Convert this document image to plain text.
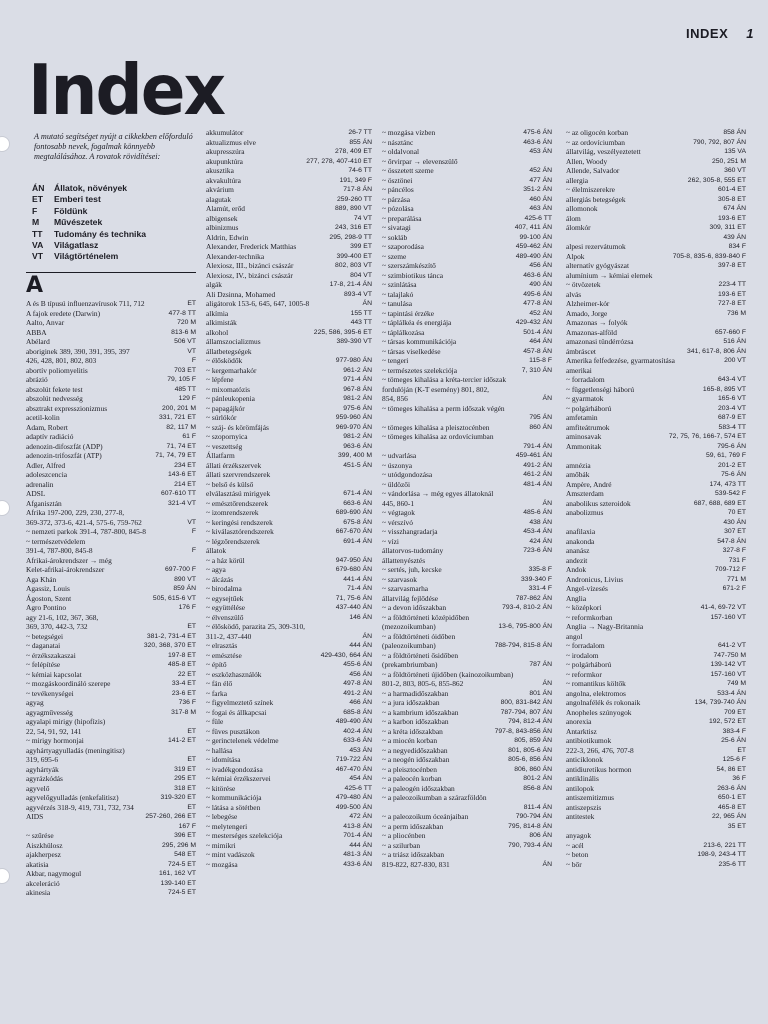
INDEX 1
Index
A mutató segítséget nyújt a cikkekben előforduló fontosabb nevek, fogalmak könnyebb megtalálásához. A rovatok rövidítései:
ÁN	Állatok, növények
ET	Emberi test
F	Földünk
M	Művészetek
TT	Tudomány és technika
VA	Világatlasz
VT	Világtörténelem
A
A és B típusú influenzavírusok 711, 712	ET
A fajok eredete (Darwin)	477-8 TT
Aalto, Anvar	720 M
ABBA	813-6 M
Abélard	506 VT
aboriginek 389, 390, 391, 395, 397	VT
426, 428, 801, 802, 803	F
abortív poliomyelitis	703 ET
abrázió	79, 105 F
abszolút fekete test	485 TT
abszolút nedvesség	129 F
absztrakt expresszionizmus	200, 201 M
acetil-kolin	331, 721 ET
Adam, Robert	82, 117 M
adaptív radiáció	61 F
adenozin-difoszfát (ADP)	71, 74 ET
adenozin-trifoszfát (ATP)	71, 74, 79 ET
Adler, Alfred	234 ET
adoleszcencia	143-6 ET
adrenalin	214 ET
ADSL	607-610 TT
Afganisztán	321-4 VT
Afrika 197-200, 229, 230, 277-8,
369-372, 373-6, 421-4, 575-6, 759-762	VT
~ nemzeti parkok 391-4, 787-800, 845-8	F
~ természetvédelem
391-4, 787-800, 845-8	F
Afrikai-árokrendszer → még
Kelet-afrikai-árokrendszer	697-700 F
Aga Khán	890 VT
Agassiz, Louis	859 ÁN
Ágoston, Szent	505, 615-6 VT
Agro Pontino	176 F
agy 21-6, 102, 367, 368,
369, 370, 442-3, 732	ET
~ betegségei	381-2, 731-4 ET
~ daganatai	320, 368, 370 ET
~ érzékszakaszai	197-8 ET
~ felépítése	485-8 ET
~ kémiai kapcsolat	22 ET
~ mozgáskoordináló szerepe	33-4 ET
~ tevékenységei	23-6 ET
agyag	736 F
agyagművesség	317-8 M
agyalapi mirigy (hipofízis)
22, 54, 91, 92, 141	ET
~ mirigy hormonjai	141-2 ET
agyhártyagyulladás (meningitisz)
319, 695-6	ET
agyhártyák	319 ET
agyrázkódás	295 ET
agyvelő	318 ET
agyvelőgyulladás (enkefalitisz)	319-320 ET
agyvérzés 318-9, 419, 731, 732, 734	ET
AIDS	257-260, 266 ET

167 F
~ szűrése	396 ET
Aiszkhülosz	295, 296 M
ajakherpesz	548 ET
akatisia	724-5 ET
Akbar, nagymogul	161, 162 VT
akceleráció	139-140 ET
akinesia	724-5 ET
akkumulátor	26-7 TT
aktualizmus elve	855 ÁN
akupresszúra	278, 409 ET
akupunktúra	277, 278, 407-410 ET
akusztika	74-6 TT
akvakultúra	191, 349 F
akvárium	717-8 ÁN
alagutak	259-260 TT
Alamút, erőd	889, 890 VT
albigensek	74 VT
albinizmus	243, 316 ET
Aldrin, Edwin	295, 298-9 TT
Alexander, Frederick Matthias	399 ET
Alexander-technika	399-400 ET
Alexiosz, III., bizánci császár	802, 803 VT
Alexiosz, IV., bizánci császár	804 VT
algák	17-8, 21-4 ÁN
Ali Dzsinna, Mohamed	893-4 VT
aligátorok 153-6, 645, 647, 1005-8	ÁN
alkímia	155 TT
alkimisták	443 TT
alkohol	225, 586, 395-6 ET
államszocializmus	389-390 VT
állatbetegségek
~ élősködők	977-980 ÁN
~ kergemarhakór	961-2 ÁN
~ lépfene	971-4 ÁN
~ mixomatózis	967-8 ÁN
~ pánleukopenia	981-2 ÁN
~ papagájkór	975-6 ÁN
~ súrlókór	959-960 ÁN
~ száj- és körömfájás	969-970 ÁN
~ szopornyica	981-2 ÁN
~ veszettség	963-6 ÁN
Állatfarm	399, 400 M
állati érzékszervek	451-5 ÁN
állati szervrendszerek
~ belső és külső
elválasztású mirigyek	671-4 ÁN
~ emésztőrendszerek	663-6 ÁN
~ izomrendszerek	689-690 ÁN
~ keringési rendszerek	675-8 ÁN
~ kiválasztórendszerek	667-670 ÁN
~ légzőrendszerek	691-4 ÁN
állatok
~ a ház körül	947-950 ÁN
~ agya	679-680 ÁN
~ álcázás	441-4 ÁN
~ birodalma	71-4 ÁN
~ egysejtűek	71, 75-6 ÁN
~ együttélése	437-440 ÁN
~ élvenszülő	146 ÁN
~ élősködő, parazita 25, 309-310,
311-2, 437-440	ÁN
~ elrasztás	444 ÁN
~ emésztése	429-430, 664 ÁN
~ építő	455-6 ÁN
~ eszközhasználók	456 ÁN
~ fán élő	497-8 ÁN
~ farka	491-2 ÁN
~ figyelmeztető színek	466 ÁN
~ fogai és állkapcsai	685-8 ÁN
~ füle	489-490 ÁN
~ füves pusztákon	402-4 ÁN
~ gerinctelenek védelme	633-6 ÁN
~ hallása	453 ÁN
~ idomítása	719-722 ÁN
~ ivadékgondozása	467-470 ÁN
~ kémiai érzékszervei	454 ÁN
~ kitörése	425-6 TT
~ kommunikációja	479-480 ÁN
~ látása a sötétben	499-500 ÁN
~ lebegése	472 ÁN
~ melytengeri	413-8 ÁN
~ mesterséges szelekciója	701-4 ÁN
~ mimikri	444 ÁN
~ mint vadászok	481-3 ÁN
~ mozgása	433-6 ÁN
~ mozgása vízben	475-6 ÁN
~ násztánc	463-6 ÁN
~ oldalvonal	453 ÁN
~ őrvirpar → elevenszülő
~ összetett szeme	452 ÁN
~ ösztönei	477 ÁN
~ páncélos	351-2 ÁN
~ párzása	460 ÁN
~ pózolása	463 ÁN
~ preparálása	425-6 TT
~ sivatagi	407, 411 ÁN
~ sokláb	99-100 ÁN
~ szaporodása	459-462 ÁN
~ szeme	489-490 ÁN
~ szerszámkészítő	456 ÁN
~ szimbiotikus tánca	463-6 ÁN
~ szinlátása	490 ÁN
~ talajlakó	495-6 ÁN
~ tanulása	477-8 ÁN
~ tapintási érzéke	452 ÁN
~ táplálkéa és energiája	429-432 ÁN
~ táplálkozása	501-4 ÁN
~ társas kommunikációja	464 ÁN
~ társas viselkedése	457-8 ÁN
~ tengeri	115-8 F
~ természetes szelekciója	7, 310 ÁN
~ tömeges kihalása a kréta-tercier időszak
fordulóján (K-T esemény) 801, 802,
854, 856	ÁN
~ tömeges kihalása a perm időszak végén

795 ÁN
~ tömeges kihalása a pleisztocénben	860 ÁN
~ tömeges kihalása az ordovíciumban

791-4 ÁN
~ udvarlása	459-461 ÁN
~ úszonya	491-2 ÁN
~ utódgondozása	461-2 ÁN
~ üldözői	481-4 ÁN
~ vándorlása → még egyes állatoknál
445, 860-1	ÁN
~ végtagok	485-6 ÁN
~ vérszívó	438 ÁN
~ visszhangradarja	453-4 ÁN
~ vízi	424 ÁN
állatorvos-tudomány	723-6 ÁN
állattenyésztés
~ sertés, juh, kecske	335-8 F
~ szarvasok	339-340 F
~ szarvasmarha	331-4 F
állatvilág fejlődése	787-862 ÁN
~ a devon időszakban	793-4, 810-2 ÁN
~ a földtörténeti középidőben
(mezozoikumban)	13-6, 795-800 ÁN
~ a földtörténeti óidőben
(paleozoikumban)	788-794, 815-8 ÁN
~ a földtörténeti ősidőben
(prekambriumban)	787 ÁN
~ a földtörténeti újidőben (kainozoikumban)
801-2, 803, 805-6, 855-862	ÁN
~ a harmadidőszakban	801 ÁN
~ a jura időszakban	800, 831-842 ÁN
~ a kambrium időszakban	787-794, 807 ÁN
~ a karbon időszakban	794, 812-4 ÁN
~ a kréta időszakban	797-8, 843-856 ÁN
~ a miocén korban	805, 859 ÁN
~ a negyedidőszakban	801, 805-6 ÁN
~ a neogén időszakban	805-6, 856 ÁN
~ a pleisztocénben	806, 860 ÁN
~ a paleocén korban	801-2 ÁN
~ a paleogén időszakban	856-8 ÁN
~ a paleozoikumban a szárazföldön

811-4 ÁN
~ a paleozoikum óceánjaiban	790-794 ÁN
~ a perm időszakban	795, 814-8 ÁN
~ a pliocénben	806 ÁN
~ a szilurban	790, 793-4 ÁN
~ a triász időszakban
819-822, 827-830, 831	ÁN
~ az oligocén korban	858 ÁN
~ az ordovíciumban	790, 792, 807 ÁN
állatvilág, veszélyeztetett	135 VA
Allen, Woody	250, 251 M
Allende, Salvador	360 VT
allergia	262, 305-8, 555 ET
~ élelmiszerekre	601-4 ET
allergiás betegségek	305-8 ET
allomonok	674 ÁN
álom	193-6 ET
álomkór	309, 311 ET

439 ÁN
alpesi rezervátumok	834 F
Alpok	705-8, 835-6, 839-840 F
alternatív gyógyászat	397-8 ET
alumínium → kémiai elemek
~ ötvözetek	223-4 TT
alvás	193-6 ET
Alzheimer-kór	727-8 ET
Amado, Jorge	736 M
Amazonas → folyók
Amazonas-alföld	657-660 F
amazonasi tündérrózsa	516 ÁN
ámbráscet	341, 617-8, 806 ÁN
Amerika felfedezése, gyarmatosítása	200 VT
amerikai
~ forradalom	643-4 VT
~ függetlenségi háború	165-8, 895 VT
~ gyarmatok	165-6 VT
~ polgárháború	203-4 VT
amfetamin	687-9 ET
amfiteátrumok	583-4 TT
aminosavak	72, 75, 76, 166-7, 574 ET
Ammonitak	795-6 ÁN

59, 61, 769 F
amnézia	201-2 ET
amőbák	75-6 ÁN
Ampère, André	174, 473 TT
Amszterdam	539-542 F
anabolikus szteroidok	687, 688, 689 ET
anabolizmus	70 ET

430 ÁN
anafilaxia	307 ET
anakonda	547-8 ÁN
ananász	327-8 F
andezit	731 F
Andok	709-712 F
Andronicus, Livius	771 M
Angel-vízesés	671-2 F
Anglia
~ középkori	41-4, 69-72 VT
~ reformkorban	157-160 VT
Anglia → Nagy-Britannia
angol
~ forradalom	641-2 VT
~ irodalom	747-750 M
~ polgárháború	139-142 VT
~ reformkor	157-160 VT
~ romantikus költők	749 M
angolna, elektromos	533-4 ÁN
angolnafélék és rokonaik	134, 739-740 ÁN
Anopheles szúnyogok	709 ET
anorexia	192, 572 ET
Antarktisz	383-4 F
antibiotikumok	25-6 ÁN
222-3, 266, 476, 707-8	ET
anticiklonok	125-6 F
antidiuretikus hormon	54, 86 ET
antiklinális	36 F
antilopok	263-6 ÁN
antiszemitizmus	650-1 ET
antiszepszis	465-8 ET
antitestek	22, 965 ÁN

35 ET
anyagok
~ acél	213-6, 221 TT
~ beton	198-9, 243-4 TT
~ bőr	235-6 TT
